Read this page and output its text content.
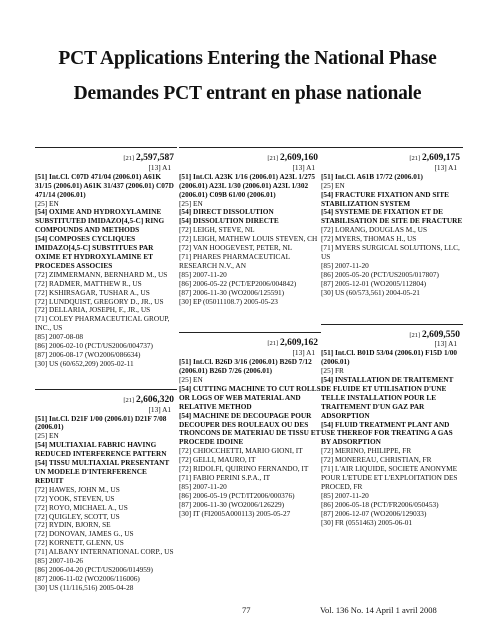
PCT Applications Entering the National Phase
Demandes PCT entrant en phase nationale
[21] 2,597,587
[13] A1
[51] Int.Cl. C07D 471/04 (2006.01) A61K 31/15 (2006.01) A61K 31/437 (2006.01) C07D 471/14 (2006.01)
[25] EN
[54] OXIME AND HYDROXYLAMINE SUBSTITUTED IMIDAZO[4,5-C] RING COMPOUNDS AND METHODS
[54] COMPOSES CYCLIQUES IMIDAZO[4,5-C] SUBSTITUES PAR OXIME ET HYDROXYLAMINE ET PROCEDES ASSOCIES
[72] ZIMMERMANN, BERNHARD M., US
[72] RADMER, MATTHEW R., US
[72] KSHIRSAGAR, TUSHAR A., US
[72] LUNDQUIST, GREGORY D., JR., US
[72] DELLARIA, JOSEPH, F., JR., US
[71] COLEY PHARMACEUTICAL GROUP, INC., US
[85] 2007-08-08
[86] 2006-02-10 (PCT/US2006/004737)
[87] 2006-08-17 (WO2006/086634)
[30] US (60/652,209) 2005-02-11
[21] 2,606,320
[13] A1
[51] Int.Cl. D21F 1/00 (2006.01) D21F 7/08 (2006.01)
[25] EN
[54] MULTIAXIAL FABRIC HAVING REDUCED INTERFERENCE PATTERN
[54] TISSU MULTIAXIAL PRESENTANT UN MODELE D'INTERFERENCE REDUIT
[72] HAWES, JOHN M., US
[72] YOOK, STEVEN, US
[72] ROYO, MICHAEL A., US
[72] QUIGLEY, SCOTT, US
[72] RYDIN, BJORN, SE
[72] DONOVAN, JAMES G., US
[72] KORNETT, GLENN, US
[71] ALBANY INTERNATIONAL CORP., US
[85] 2007-10-26
[86] 2006-04-20 (PCT/US2006/014959)
[87] 2006-11-02 (WO2006/116006)
[30] US (11/116,516) 2005-04-28
[21] 2,609,160
[13] A1
[51] Int.Cl. A23K 1/16 (2006.01) A23L 1/275 (2006.01) A23L 1/30 (2006.01) A23L 1/302 (2006.01) C09B 61/00 (2006.01)
[25] EN
[54] DIRECT DISSOLUTION
[54] DISSOLUTION DIRECTE
[72] LEIGH, STEVE, NL
[72] LEIGH, MATHEW LOUIS STEVEN, CH
[72] VAN HOOGEVEST, PETER, NL
[71] PHARES PHARMACEUTICAL RESEARCH N.V., AN
[85] 2007-11-20
[86] 2006-05-22 (PCT/EP2006/004842)
[87] 2006-11-30 (WO2006/125591)
[30] EP (05011108.7) 2005-05-23
[21] 2,609,162
[13] A1
[51] Int.Cl. B26D 3/16 (2006.01) B26D 7/12 (2006.01) B26D 7/26 (2006.01)
[25] EN
[54] CUTTING MACHINE TO CUT ROLLS OR LOGS OF WEB MATERIAL AND RELATIVE METHOD
[54] MACHINE DE DECOUPAGE POUR DECOUPER DES ROULEAUX OU DES TRONCONS DE MATERIAU DE TISSU ET PROCEDE IDOINE
[72] CHIOCCHETTI, MARIO GIONI, IT
[72] GELLI, MAURO, IT
[72] RIDOLFI, QUIRINO FERNANDO, IT
[71] FABIO PERINI S.P.A., IT
[85] 2007-11-20
[86] 2006-05-19 (PCT/IT2006/000376)
[87] 2006-11-30 (WO2006/126229)
[30] IT (FI2005A000113) 2005-05-27
[21] 2,609,175
[13] A1
[51] Int.Cl. A61B 17/72 (2006.01)
[25] EN
[54] FRACTURE FIXATION AND SITE STABILIZATION SYSTEM
[54] SYSTEME DE FIXATION ET DE STABILISATION DE SITE DE FRACTURE
[72] LORANG, DOUGLAS M., US
[72] MYERS, THOMAS H., US
[71] MYERS SURGICAL SOLUTIONS, LLC, US
[85] 2007-11-20
[86] 2005-05-20 (PCT/US2005/017807)
[87] 2005-12-01 (WO2005/112804)
[30] US (60/573,561) 2004-05-21
[21] 2,609,550
[13] A1
[51] Int.Cl. B01D 53/04 (2006.01) F15D 1/00 (2006.01)
[25] FR
[54] INSTALLATION DE TRAITEMENT DE FLUIDE ET UTILISATION D'UNE TELLE INSTALLATION POUR LE TRAITEMENT D'UN GAZ PAR ADSORPTION
[54] FLUID TREATMENT PLANT AND USE THEREOF FOR TREATING A GAS BY ADSORPTION
[72] MERINO, PHILIPPE, FR
[72] MONEREAU, CHRISTIAN, FR
[71] L'AIR LIQUIDE, SOCIETE ANONYME POUR L'ETUDE ET L'EXPLOITATION DES PROCED, FR
[85] 2007-11-20
[86] 2006-05-18 (PCT/FR2006/050453)
[87] 2006-12-07 (WO2006/129033)
[30] FR (0551463) 2005-06-01
77	Vol. 136 No. 14 April 1 avril 2008
